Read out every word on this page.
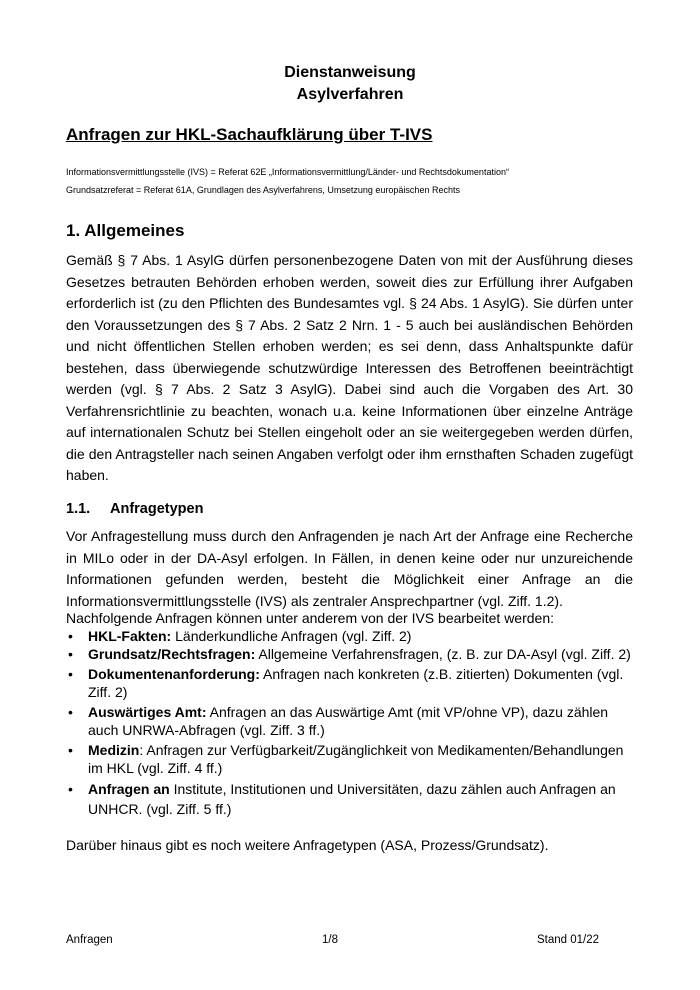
Dienstanweisung
Asylverfahren
Anfragen zur HKL-Sachaufklärung über T-IVS
Informationsvermittlungsstelle (IVS) = Referat 62E „Informationsvermittlung/Länder- und Rechtsdokumentation“
Grundsatzreferat = Referat 61A, Grundlagen des Asylverfahrens, Umsetzung europäischen Rechts
1. Allgemeines
Gemäß § 7 Abs. 1 AsylG dürfen personenbezogene Daten von mit der Ausführung dieses Gesetzes betrauten Behörden erhoben werden, soweit dies zur Erfüllung ihrer Aufgaben erforderlich ist (zu den Pflichten des Bundesamtes vgl. § 24 Abs. 1 AsylG). Sie dürfen unter den Voraussetzungen des § 7 Abs. 2 Satz 2 Nrn. 1 - 5 auch bei ausländischen Behörden und nicht öffentlichen Stellen erhoben werden; es sei denn, dass Anhaltspunkte dafür bestehen, dass überwiegende schutzwürdige Interessen des Betroffenen beeinträchtigt werden (vgl. § 7 Abs. 2 Satz 3 AsylG). Dabei sind auch die Vorgaben des Art. 30 Verfahrensrichtlinie zu beachten, wonach u.a. keine Informationen über einzelne Anträge auf internationalen Schutz bei Stellen eingeholt oder an sie weitergegeben werden dürfen, die den Antragsteller nach seinen Angaben verfolgt oder ihm ernsthaften Schaden zugefügt haben.
1.1. Anfragetypen
Vor Anfragestellung muss durch den Anfragenden je nach Art der Anfrage eine Recherche in MILo oder in der DA-Asyl erfolgen. In Fällen, in denen keine oder nur unzureichende Informationen gefunden werden, besteht die Möglichkeit einer Anfrage an die Informationsvermittlungsstelle (IVS) als zentraler Ansprechpartner (vgl. Ziff. 1.2).
Nachfolgende Anfragen können unter anderem von der IVS bearbeitet werden:
• HKL-Fakten: Länderkundliche Anfragen (vgl. Ziff. 2)
• Grundsatz/Rechtsfragen: Allgemeine Verfahrensfragen, (z. B. zur DA-Asyl (vgl. Ziff. 2)
• Dokumentenanforderung: Anfragen nach konkreten (z.B. zitierten) Dokumenten (vgl. Ziff. 2)
• Auswärtiges Amt: Anfragen an das Auswärtige Amt (mit VP/ohne VP), dazu zählen auch UNRWA-Abfragen (vgl. Ziff. 3 ff.)
• Medizin: Anfragen zur Verfügbarkeit/Zugänglichkeit von Medikamenten/Behandlungen im HKL (vgl. Ziff. 4 ff.)
• Anfragen an Institute, Institutionen und Universitäten, dazu zählen auch Anfragen an UNHCR. (vgl. Ziff. 5 ff.)
Darüber hinaus gibt es noch weitere Anfragetypen (ASA, Prozess/Grundsatz).
Anfragen	1/8	Stand 01/22
